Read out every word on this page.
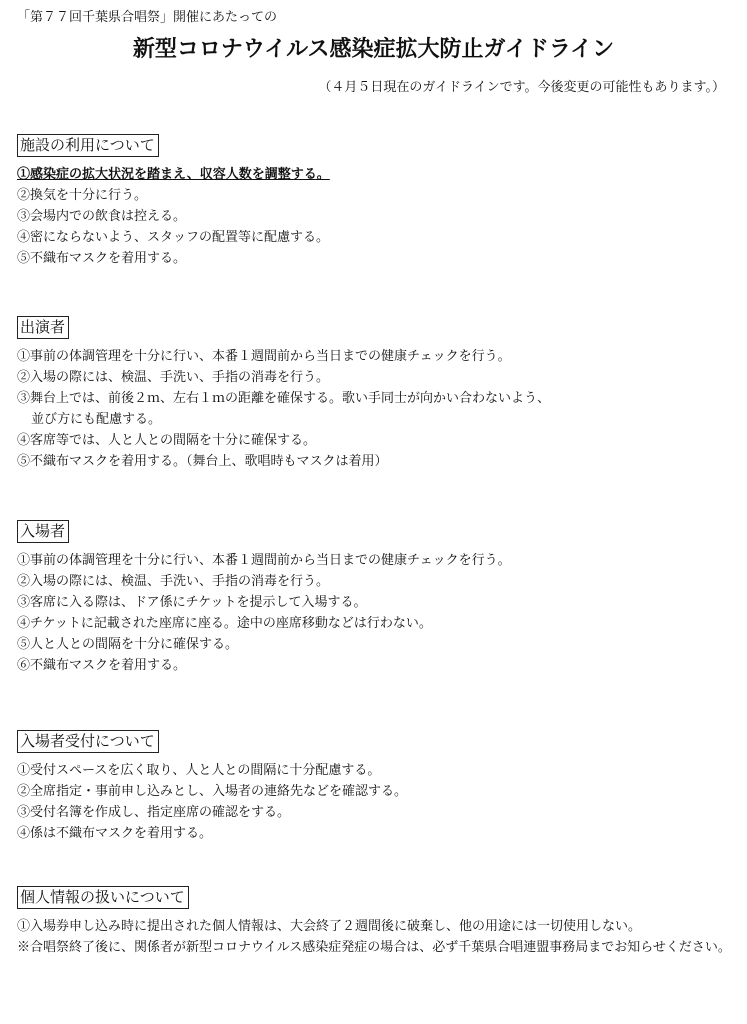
「第７７回千葉県合唱祭」開催にあたっての
新型コロナウイルス感染症拡大防止ガイドライン
（４月５日現在のガイドラインです。今後変更の可能性もあります。）
施設の利用について
①感染症の拡大状況を踏まえ、収容人数を調整する。
②換気を十分に行う。
③会場内での飲食は控える。
④密にならないよう、スタッフの配置等に配慮する。
⑤不織布マスクを着用する。
出演者
①事前の体調管理を十分に行い、本番１週間前から当日までの健康チェックを行う。
②入場の際には、検温、手洗い、手指の消毒を行う。
③舞台上では、前後２ｍ、左右１ｍの距離を確保する。歌い手同士が向かい合わないよう、
並び方にも配慮する。
④客席等では、人と人との間隔を十分に確保する。
⑤不織布マスクを着用する。（舞台上、歌唱時もマスクは着用）
入場者
①事前の体調管理を十分に行い、本番１週間前から当日までの健康チェックを行う。
②入場の際には、検温、手洗い、手指の消毒を行う。
③客席に入る際は、ドア係にチケットを提示して入場する。
④チケットに記載された座席に座る。途中の座席移動などは行わない。
⑤人と人との間隔を十分に確保する。
⑥不織布マスクを着用する。
入場者受付について
①受付スペースを広く取り、人と人との間隔に十分配慮する。
②全席指定・事前申し込みとし、入場者の連絡先などを確認する。
③受付名簿を作成し、指定座席の確認をする。
④係は不織布マスクを着用する。
個人情報の扱いについて
①入場券申し込み時に提出された個人情報は、大会終了２週間後に破棄し、他の用途には一切使用しない。
※合唱祭終了後に、関係者が新型コロナウイルス感染症発症の場合は、必ず千葉県合唱連盟事務局までお知らせください。
